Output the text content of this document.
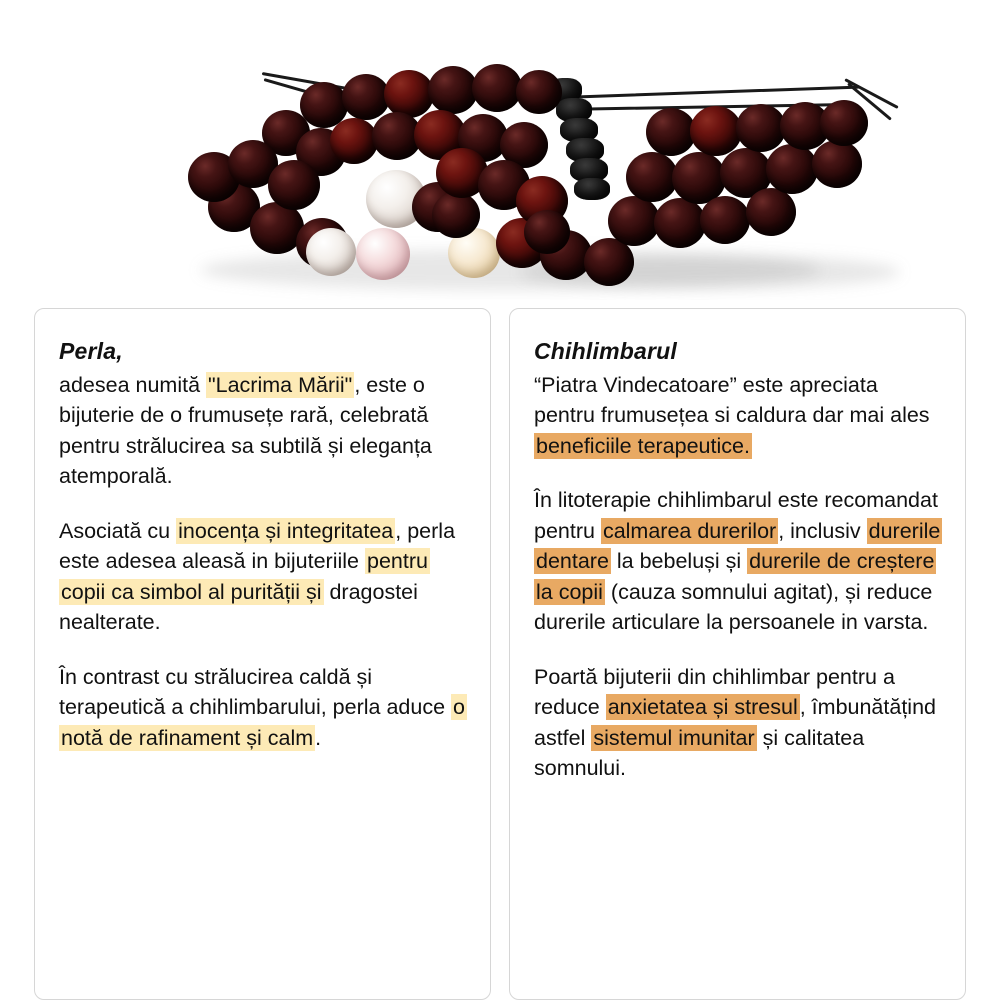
Perla,

adesea numită "Lacrima Mării", este o bijuterie de o frumusețe rară, celebrată pentru strălucirea sa subtilă și eleganța atemporală.

Asociată cu inocența și integritatea, perla este adesea aleasă in bijuteriile pentru copii ca simbol al purității și dragostei nealterate.

În contrast cu strălucirea caldă și terapeutică a chihlimbarului, perla aduce o notă de rafinament și calm.

Chihlimbarul

“Piatra Vindecatoare” este apreciata pentru frumusețea si caldura dar mai ales beneficiile terapeutice.

În litoterapie chihlimbarul este recomandat pentru calmarea durerilor, inclusiv durerile dentare la bebeluși și durerile de creștere la copii (cauza somnului agitat), și reduce durerile articulare la persoanele in varsta.

Poartă bijuterii din chihlimbar pentru a reduce anxietatea și stresul, îmbunătățind astfel sistemul imunitar și calitatea somnului.
